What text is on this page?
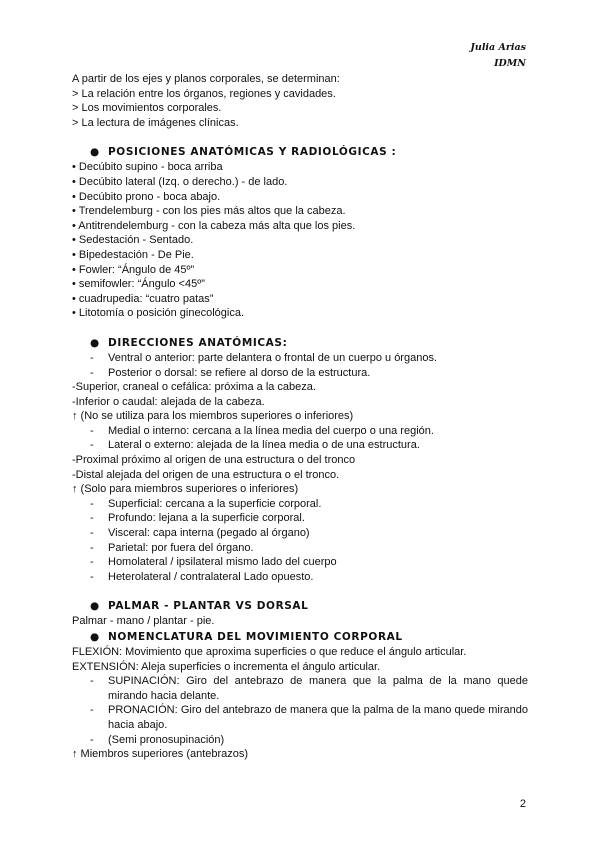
Julia Arias
IDMN
A partir de los ejes y planos corporales, se determinan:
> La relación entre los órganos, regiones y cavidades.
> Los movimientos corporales.
> La lectura de imágenes clínicas.
● POSICIONES ANATÓMICAS Y RADIOLÓGICAS :
• Decúbito supino - boca arriba
• Decúbito lateral (Izq. o derecho.) - de lado.
• Decúbito prono - boca abajo.
• Trendelemburg - con los pies más altos que la cabeza.
• Antitrendelemburg - con la cabeza más alta que los pies.
• Sedestación - Sentado.
• Bipedestación - De Pie.
• Fowler: “Ángulo de 45º”
• semifowler: “Ángulo <45º”
• cuadrupedia: “cuatro patas”
• Litotomía o posición ginecológica.
● DIRECCIONES ANATÓMICAS:
- Ventral o anterior: parte delantera o frontal de un cuerpo u órganos.
- Posterior o dorsal: se refiere al dorso de la estructura.
-Superior, craneal o cefálica: próxima a la cabeza.
-Inferior o caudal: alejada de la cabeza.
↑ (No se utiliza para los miembros superiores o inferiores)
- Medial o interno: cercana a la línea media del cuerpo o una región.
- Lateral o externo: alejada de la línea media o de una estructura.
-Proximal próximo al origen de una estructura o del tronco
-Distal alejada del origen de una estructura o el tronco.
↑ (Solo para miembros superiores o inferiores)
- Superficial: cercana a la superficie corporal.
- Profundo: lejana a la superficie corporal.
- Visceral: capa interna (pegado al órgano)
- Parietal: por fuera del órgano.
- Homolateral / ipsilateral mismo lado del cuerpo
- Heterolateral / contralateral Lado opuesto.
● PALMAR - PLANTAR VS DORSAL
Palmar - mano / plantar - pie.
● NOMENCLATURA DEL MOVIMIENTO CORPORAL
FLEXIÓN: Movimiento que aproxima superficies o que reduce el ángulo articular.
EXTENSIÓN: Aleja superficies o incrementa el ángulo articular.
- SUPINACIÓN: Giro del antebrazo de manera que la palma de la mano quede mirando hacia delante.
- PRONACIÓN: Giro del antebrazo de manera que la palma de la mano quede mirando hacia abajo.
- (Semi pronosupinación)
↑ Miembros superiores (antebrazos)
2
